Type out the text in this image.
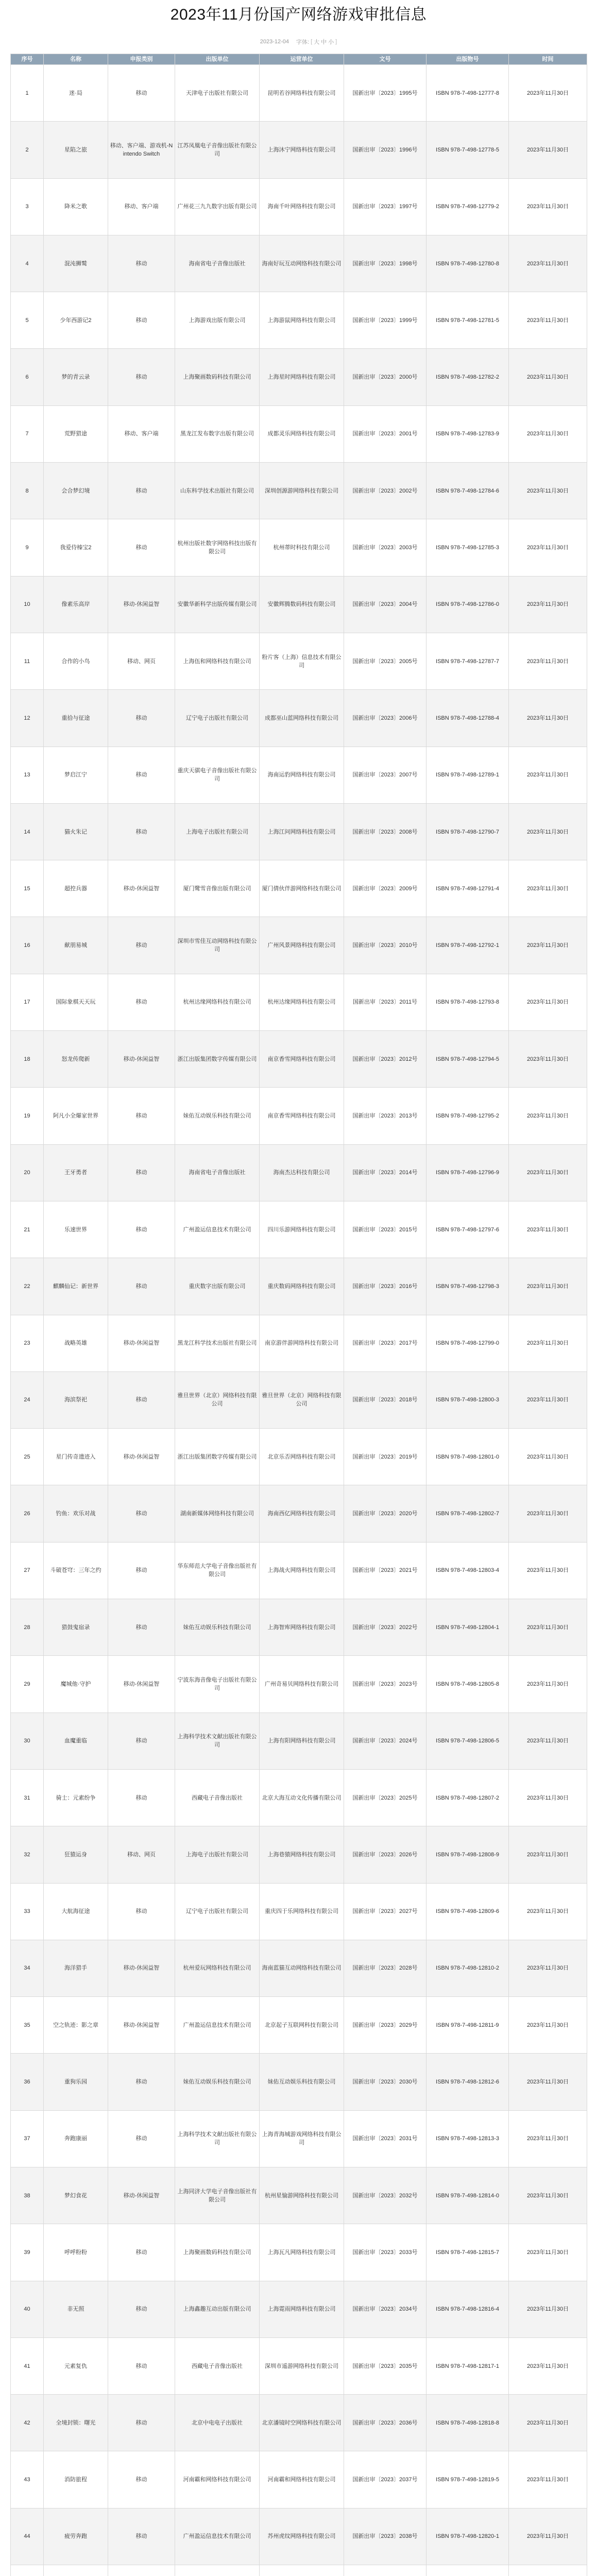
2023年11月份国产网络游戏审批信息
2023-12-04 字体: [ 大 中 小 ]
序号	名称	申报类别	出版单位	运营单位	文号	出版物号	时间
1	迷·局	移动	天津电子出版社有限公司	昆明若谷网络科技有限公司	国新出审〔2023〕1995号	ISBN 978-7-498-12777-8	2023年11月30日
2	星陷之旅	移动、客户端、游戏机-Nintendo Switch	江苏凤凰电子音像出版社有限公司	上海沐宁网络科技有限公司	国新出审〔2023〕1996号	ISBN 978-7-498-12778-5	2023年11月30日
3	降米之歌	移动、客户端	广州花三九九数字出版有限公司	海南千叶网络科技有限公司	国新出审〔2023〕1997号	ISBN 978-7-498-12779-2	2023年11月30日
4	混沌狮鹫	移动	海南省电子音像出版社	海南好玩互动网络科技有限公司	国新出审〔2023〕1998号	ISBN 978-7-498-12780-8	2023年11月30日
5	少年西游记2	移动	上海游戏出版有限公司	上海游鼠网络科技有限公司	国新出审〔2023〕1999号	ISBN 978-7-498-12781-5	2023年11月30日
6	梦的青云录	移动	上海聚画数码科技有限公司	上海星时网络科技有限公司	国新出审〔2023〕2000号	ISBN 978-7-498-12782-2	2023年11月30日
7	荒野猎途	移动、客户端	黑龙江发布数字出版有限公司	成都灵乐网络科技有限公司	国新出审〔2023〕2001号	ISBN 978-7-498-12783-9	2023年11月30日
8	会合梦幻境	移动	山东科学技术出版社有限公司	深圳创源游网络科技有限公司	国新出审〔2023〕2002号	ISBN 978-7-498-12784-6	2023年11月30日
9	我爱侍榛宝2	移动	杭州出版社数字网络科技出版有限公司	杭州蒂时科技有限公司	国新出审〔2023〕2003号	ISBN 978-7-498-12785-3	2023年11月30日
10	像素乐高岸	移动-休闲益智	安徽华新科学出版传媒有限公司	安徽辉腾数码科技有限公司	国新出审〔2023〕2004号	ISBN 978-7-498-12786-0	2023年11月30日
11	合作的小鸟	移动、网页	上海伍和网络科技有限公司	粉片客（上海）信息技术有限公司	国新出审〔2023〕2005号	ISBN 978-7-498-12787-7	2023年11月30日
12	重拾与征途	移动	辽宁电子出版社有限公司	成都巫山蓝网络科技有限公司	国新出审〔2023〕2006号	ISBN 978-7-498-12788-4	2023年11月30日
13	梦启江宁	移动	重庆天骐电子音像出版社有限公司	海南运豹网络科技有限公司	国新出审〔2023〕2007号	ISBN 978-7-498-12789-1	2023年11月30日
14	猫火朱记	移动	上海电子出版社有限公司	上海江问网络科技有限公司	国新出审〔2023〕2008号	ISBN 978-7-498-12790-7	2023年11月30日
15	超控兵器	移动-休闲益智	厦门鹭雪音像出版有限公司	厦门倩伙伴游网络科技有限公司	国新出审〔2023〕2009号	ISBN 978-7-498-12791-4	2023年11月30日
16	献朋易城	移动	深圳市雪佳互动网络科技有限公司	广州风景网络科技有限公司	国新出审〔2023〕2010号	ISBN 978-7-498-12792-1	2023年11月30日
17	国际象棋天天玩	移动	杭州达缘网络科技有限公司	杭州达缘网络科技有限公司	国新出审〔2023〕2011号	ISBN 978-7-498-12793-8	2023年11月30日
18	怒龙传爬新	移动-休闲益智	浙江出版集团数字传媒有限公司	南京香雪网络科技有限公司	国新出审〔2023〕2012号	ISBN 978-7-498-12794-5	2023年11月30日
19	阿凡小全爆家世界	移动	妹佑互动娱乐科技有限公司	南京香雪网络科技有限公司	国新出审〔2023〕2013号	ISBN 978-7-498-12795-2	2023年11月30日
20	王牙勇者	移动	海南省电子音像出版社	海南杰达科技有限公司	国新出审〔2023〕2014号	ISBN 978-7-498-12796-9	2023年11月30日
21	乐速世界	移动	广州盈运信息技术有限公司	四川乐游网络科技有限公司	国新出审〔2023〕2015号	ISBN 978-7-498-12797-6	2023年11月30日
22	麒麟仙记：新世界	移动	重庆数字出版有限公司	重庆数码网络科技有限公司	国新出审〔2023〕2016号	ISBN 978-7-498-12798-3	2023年11月30日
23	战略英雄	移动-休闲益智	黑龙江科学技术出版社有限公司	南京游伴游网络科技有限公司	国新出审〔2023〕2017号	ISBN 978-7-498-12799-0	2023年11月30日
24	海滨祭祀	移动	雅旦世界（北京）网络科技有限公司	雅旦世界（北京）网络科技有限公司	国新出审〔2023〕2018号	ISBN 978-7-498-12800-3	2023年11月30日
25	星门传奇遗迹入	移动-休闲益智	浙江出版集团数字传媒有限公司	北京乐否网络科技有限公司	国新出审〔2023〕2019号	ISBN 978-7-498-12801-0	2023年11月30日
26	钓鱼：欢乐对战	移动	湖南新媒体网络科技有限公司	海南西亿网络科技有限公司	国新出审〔2023〕2020号	ISBN 978-7-498-12802-7	2023年11月30日
27	斗破苍穹：三年之约	移动	华东师范大学电子音像出版社有限公司	上海战火网络科技有限公司	国新出审〔2023〕2021号	ISBN 978-7-498-12803-4	2023年11月30日
28	猎鼓鬼宿录	移动	妹佑互动娱乐科技有限公司	上海智库网络科技有限公司	国新出审〔2023〕2022号	ISBN 978-7-498-12804-1	2023年11月30日
29	魔城他·守护	移动-休闲益智	宁波东海音像电子出版社有限公司	广州奇易贝网络科技有限公司	国新出审〔2023〕2023号	ISBN 978-7-498-12805-8	2023年11月30日
30	血魔重临	移动	上海科学技术文献出版社有限公司	上海有阳网络科技有限公司	国新出审〔2023〕2024号	ISBN 978-7-498-12806-5	2023年11月30日
31	骑士：元素纷争	移动	西藏电子音像出版社	北京大海互动文化传播有限公司	国新出审〔2023〕2025号	ISBN 978-7-498-12807-2	2023年11月30日
32	狂猿运身	移动、网页	上海电子出版社有限公司	上海巷猿网络科技有限公司	国新出审〔2023〕2026号	ISBN 978-7-498-12808-9	2023年11月30日
33	大航海征途	移动	辽宁电子出版社有限公司	重庆四于乐网络科技有限公司	国新出审〔2023〕2027号	ISBN 978-7-498-12809-6	2023年11月30日
34	海洋猎手	移动-休闲益智	杭州爱玩网络科技有限公司	海南蓝猫互动网络科技有限公司	国新出审〔2023〕2028号	ISBN 978-7-498-12810-2	2023年11月30日
35	空之轨迹：影之章	移动-休闲益智	广州盈运信息技术有限公司	北京起子互联网科技有限公司	国新出审〔2023〕2029号	ISBN 978-7-498-12811-9	2023年11月30日
36	重狗乐园	移动	妹佑互动娱乐科技有限公司	妹佑互动娱乐科技有限公司	国新出审〔2023〕2030号	ISBN 978-7-498-12812-6	2023年11月30日
37	奔跑康丽	移动	上海科学技术文献出版社有限公司	上海青海城游戏网络科技有限公司	国新出审〔2023〕2031号	ISBN 978-7-498-12813-3	2023年11月30日
38	梦幻食花	移动-休闲益智	上海同济大学电子音像出版社有限公司	杭州星愉游网络科技有限公司	国新出审〔2023〕2032号	ISBN 978-7-498-12814-0	2023年11月30日
39	呼呼粉粉	移动	上海聚画数码科技有限公司	上海瓦凡网络科技有限公司	国新出审〔2023〕2033号	ISBN 978-7-498-12815-7	2023年11月30日
40	非无照	移动	上海鑫趣互动出版有限公司	上海霓雨网络科技有限公司	国新出审〔2023〕2034号	ISBN 978-7-498-12816-4	2023年11月30日
41	元素复仇	移动	西藏电子音像出版社	深圳市遥游网络科技有限公司	国新出审〔2023〕2035号	ISBN 978-7-498-12817-1	2023年11月30日
42	全境封锁：曙光	移动	北京中电电子出版社	北京潘镜时空网络科技有限公司	国新出审〔2023〕2036号	ISBN 978-7-498-12818-8	2023年11月30日
43	消防旅程	移动	河南霸和网络科技有限公司	河南霸和网络科技有限公司	国新出审〔2023〕2037号	ISBN 978-7-498-12819-5	2023年11月30日
44	疲劳奔跑	移动	广州盈运信息技术有限公司	苏州虎纹网络科技有限公司	国新出审〔2023〕2038号	ISBN 978-7-498-12820-1	2023年11月30日
